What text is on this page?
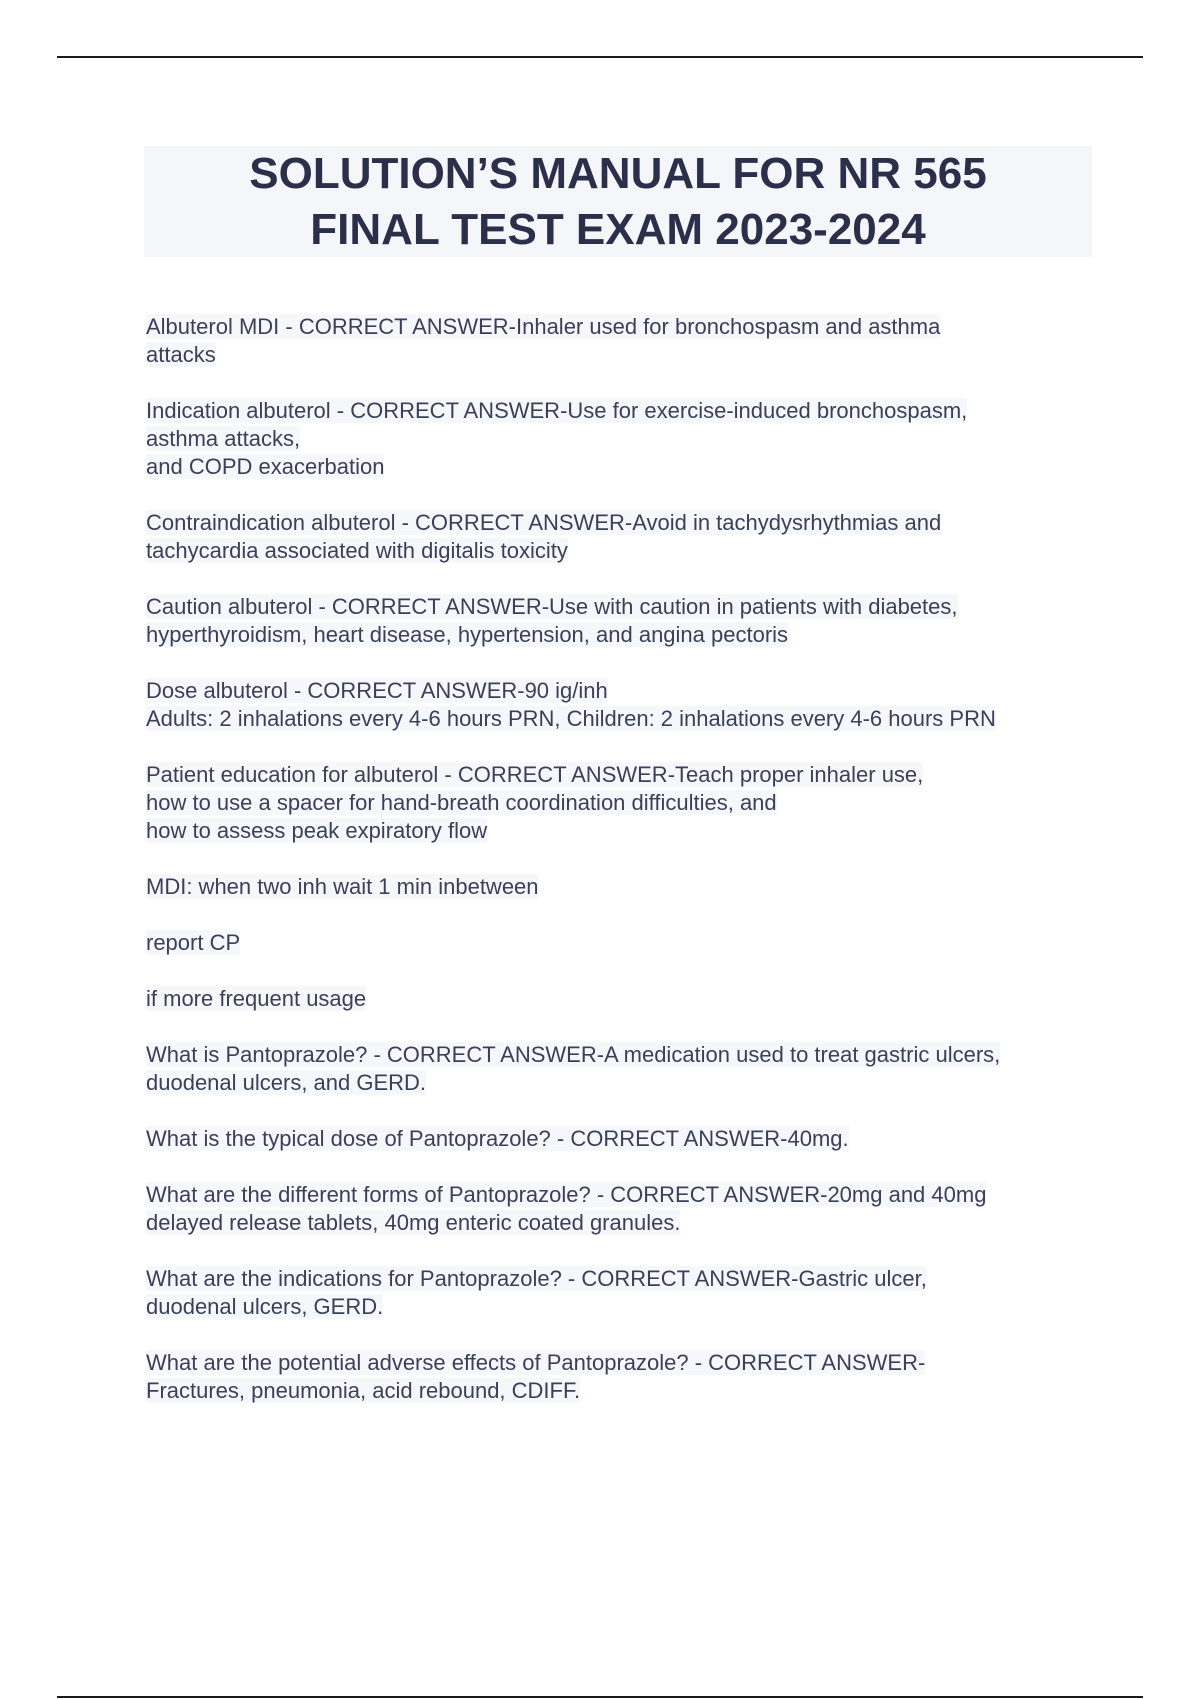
SOLUTION’S MANUAL FOR NR 565
FINAL TEST EXAM 2023-2024
Albuterol MDI - CORRECT ANSWER-Inhaler used for bronchospasm and asthma
attacks
Indication albuterol - CORRECT ANSWER-Use for exercise-induced bronchospasm,
asthma attacks,
and COPD exacerbation
Contraindication albuterol - CORRECT ANSWER-Avoid in tachydysrhythmias and
tachycardia associated with digitalis toxicity
Caution albuterol - CORRECT ANSWER-Use with caution in patients with diabetes,
hyperthyroidism, heart disease, hypertension, and angina pectoris
Dose albuterol - CORRECT ANSWER-90 ig/inh
Adults: 2 inhalations every 4-6 hours PRN, Children: 2 inhalations every 4-6 hours PRN
Patient education for albuterol - CORRECT ANSWER-Teach proper inhaler use,
how to use a spacer for hand-breath coordination difficulties, and
how to assess peak expiratory flow
MDI: when two inh wait 1 min inbetween
report CP
if more frequent usage
What is Pantoprazole? - CORRECT ANSWER-A medication used to treat gastric ulcers,
duodenal ulcers, and GERD.
What is the typical dose of Pantoprazole? - CORRECT ANSWER-40mg.
What are the different forms of Pantoprazole? - CORRECT ANSWER-20mg and 40mg
delayed release tablets, 40mg enteric coated granules.
What are the indications for Pantoprazole? - CORRECT ANSWER-Gastric ulcer,
duodenal ulcers, GERD.
What are the potential adverse effects of Pantoprazole? - CORRECT ANSWER-
Fractures, pneumonia, acid rebound, CDIFF.
